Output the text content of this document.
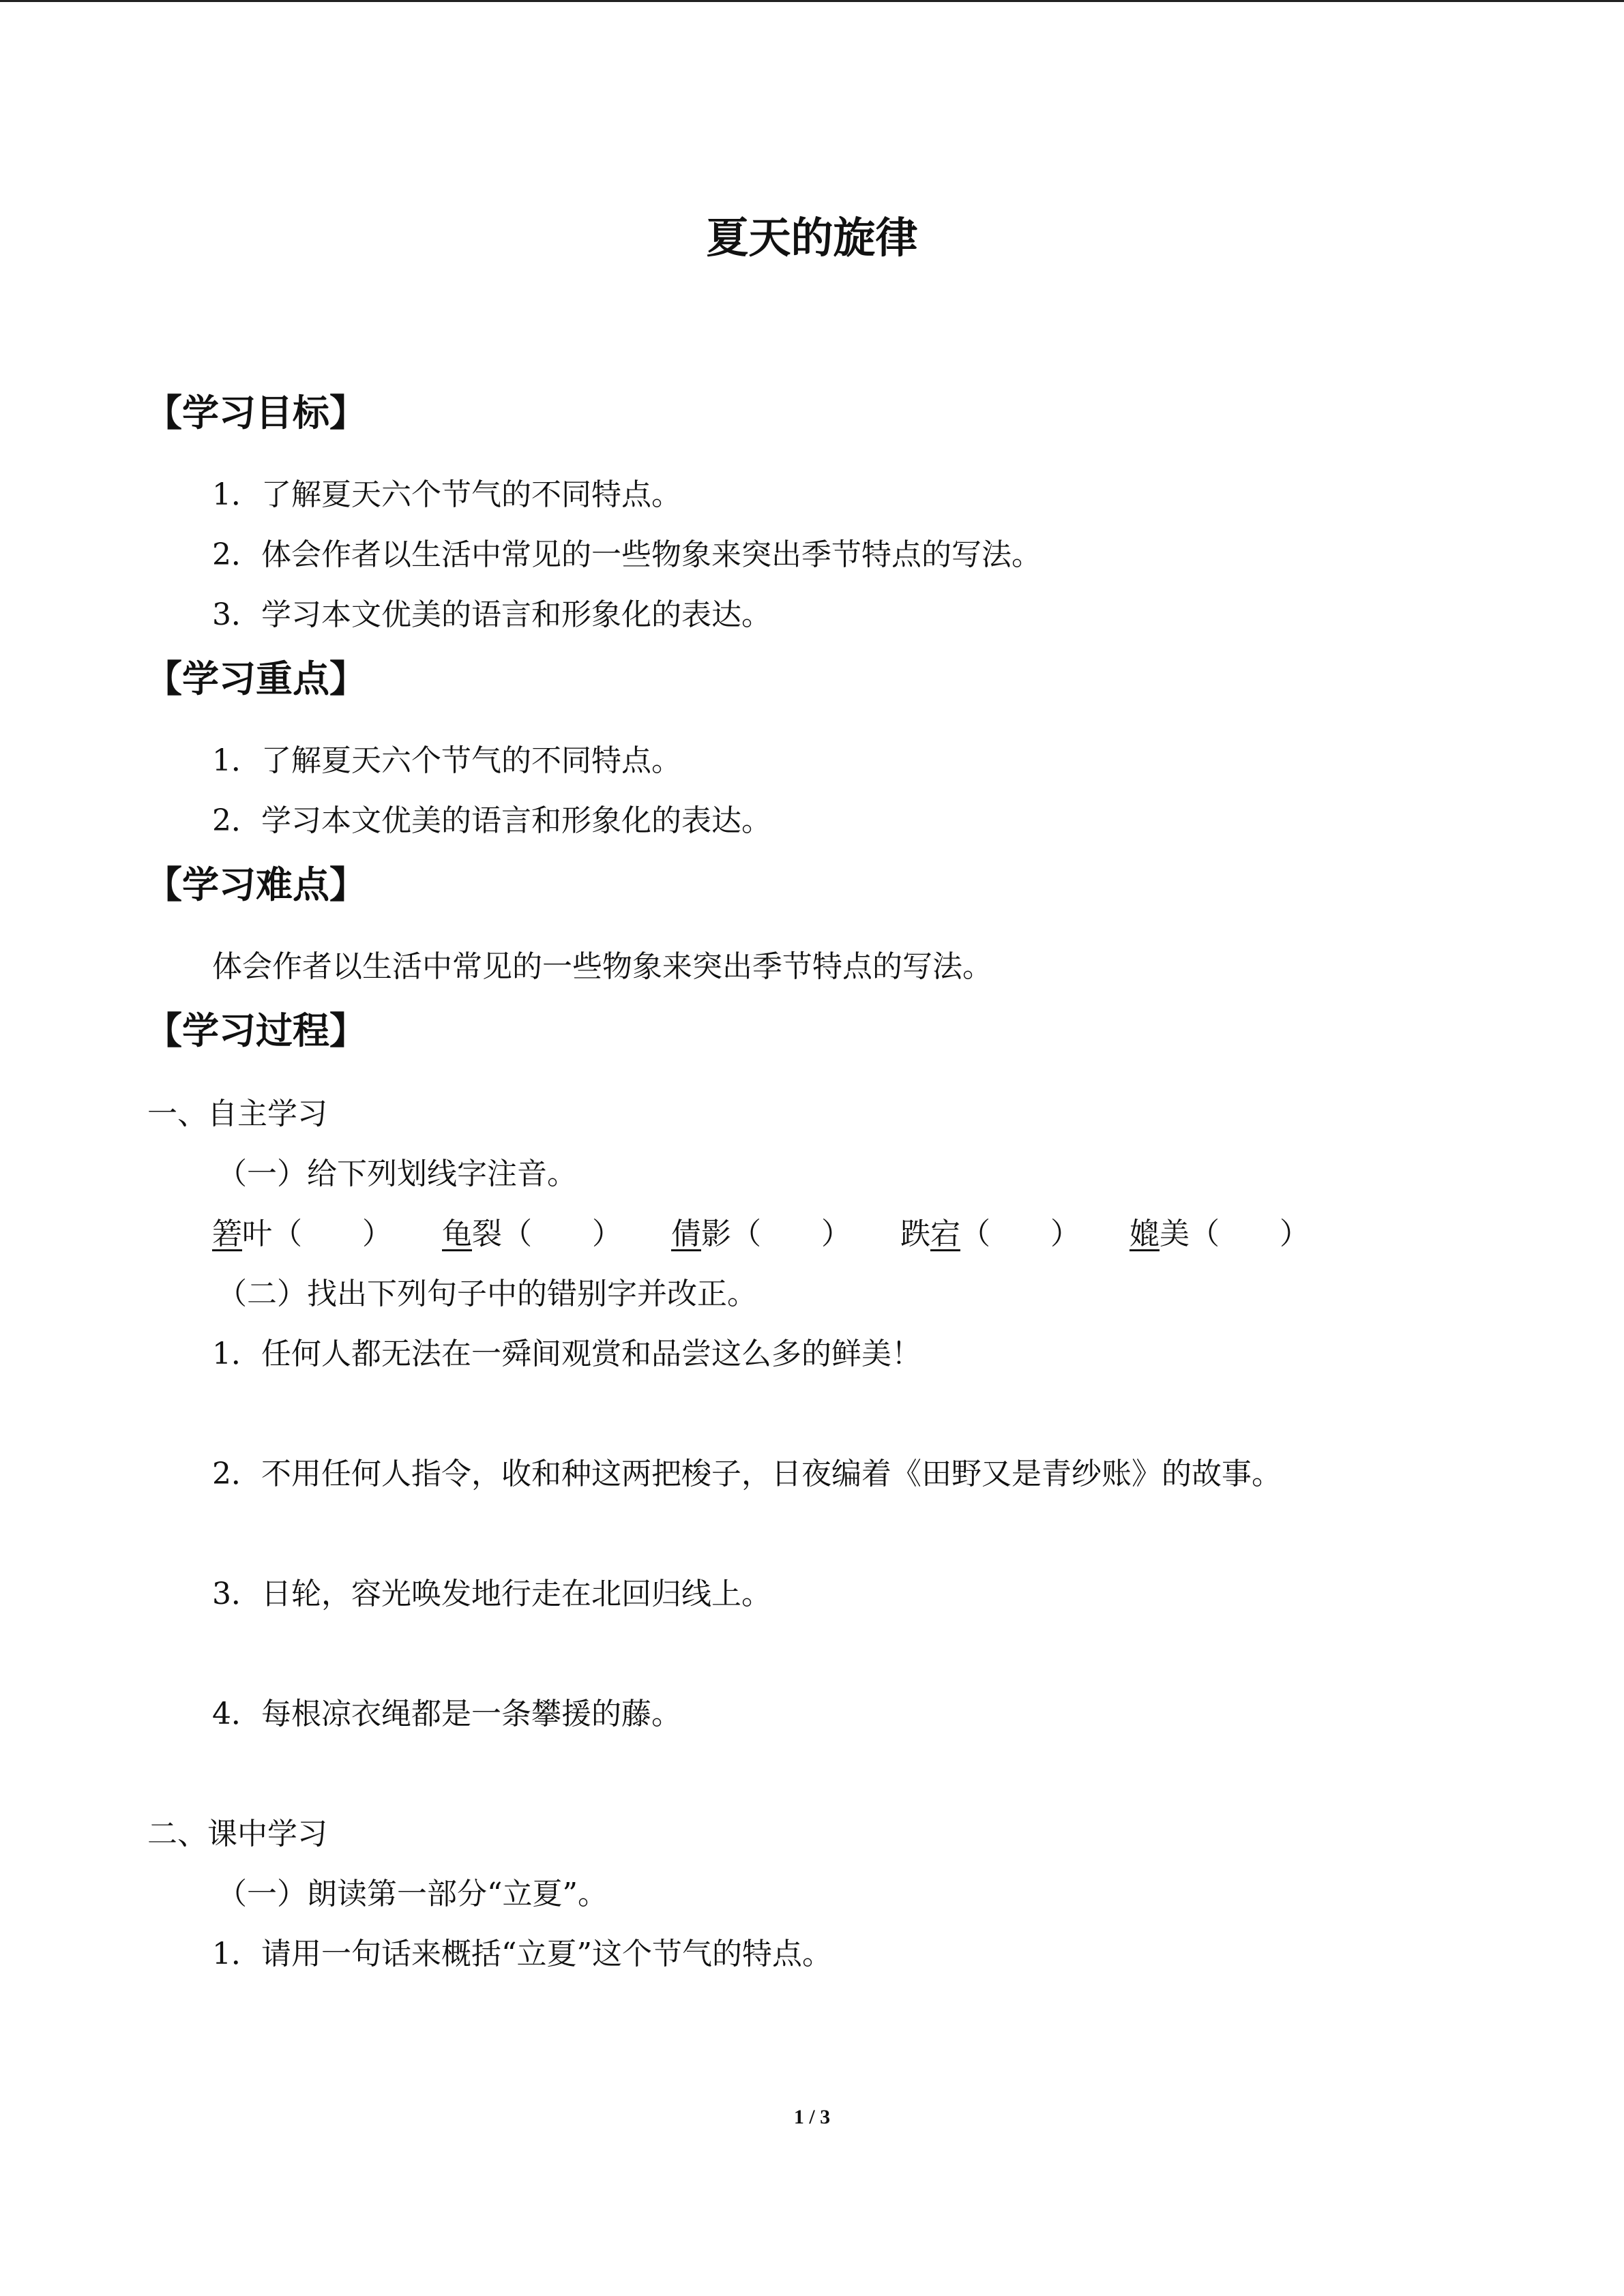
夏天的旋律
【学习目标】
1．了解夏天六个节气的不同特点。
2．体会作者以生活中常见的一些物象来突出季节特点的写法。
3．学习本文优美的语言和形象化的表达。
【学习重点】
1．了解夏天六个节气的不同特点。
2．学习本文优美的语言和形象化的表达。
【学习难点】
体会作者以生活中常见的一些物象来突出季节特点的写法。
【学习过程】
一、自主学习
（一）给下列划线字注音。
箬叶（　　） 龟裂（　　） 倩影（　　） 跌宕（　　） 媲美（　　）
（二）找出下列句子中的错别字并改正。
1．任何人都无法在一舜间观赏和品尝这么多的鲜美！
2．不用任何人指令，收和种这两把梭子，日夜编着《田野又是青纱账》的故事。
3．日轮，容光唤发地行走在北回归线上。
4．每根凉衣绳都是一条攀援的藤。
二、课中学习
（一）朗读第一部分“立夏”。
1．请用一句话来概括“立夏”这个节气的特点。
1 / 3
